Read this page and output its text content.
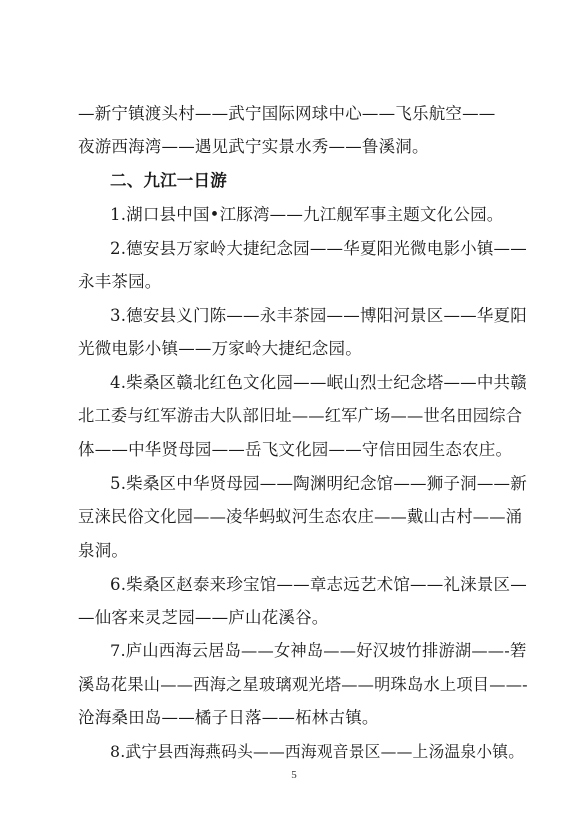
—新宁镇渡头村——武宁国际网球中心——飞乐航空——
夜游西海湾——遇见武宁实景水秀——鲁溪洞。
二、九江一日游
1.湖口县中国•江豚湾——九江舰军事主题文化公园。
2.德安县万家岭大捷纪念园——华夏阳光微电影小镇——
永丰茶园。
3.德安县义门陈——永丰茶园——博阳河景区——华夏阳
光微电影小镇——万家岭大捷纪念园。
4.柴桑区赣北红色文化园——岷山烈士纪念塔——中共赣
北工委与红军游击大队部旧址——红军广场——世名田园综合
体——中华贤母园——岳飞文化园——守信田园生态农庄。
5.柴桑区中华贤母园——陶渊明纪念馆——狮子洞——新
豆涞民俗文化园——凌华蚂蚁河生态农庄——戴山古村——涌
泉洞。
6.柴桑区赵泰来珍宝馆——章志远艺术馆——礼涞景区—
—仙客来灵芝园——庐山花溪谷。
7.庐山西海云居岛——女神岛——好汉坡竹排游湖——-箬
溪岛花果山——西海之星玻璃观光塔——明珠岛水上项目——-
沧海桑田岛——橘子日落——柘林古镇。
8.武宁县西海燕码头——西海观音景区——上汤温泉小镇。
5
